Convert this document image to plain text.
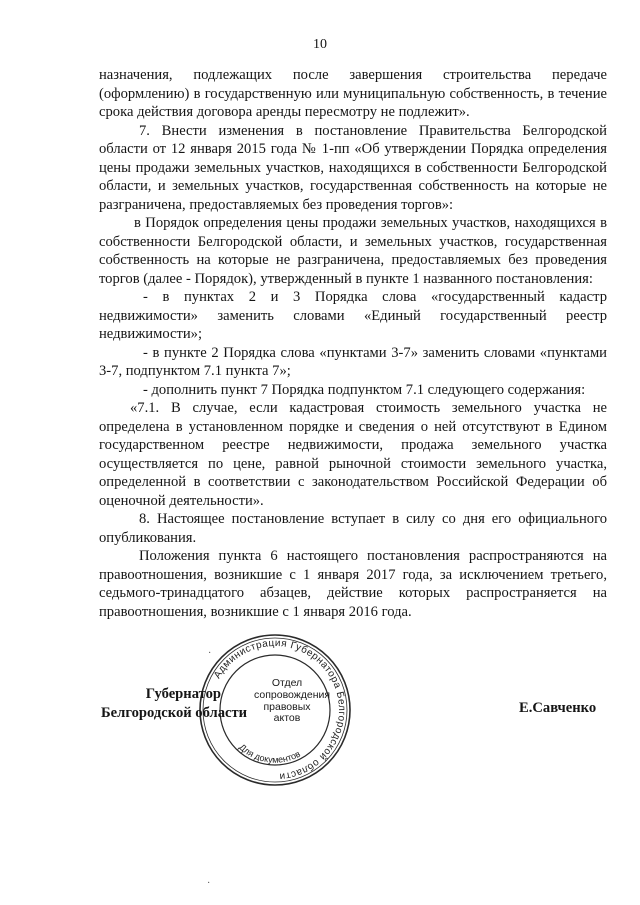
10

назначения, подлежащих после завершения строительства передаче (оформлению) в государственную или муниципальную собственность, в течение срока действия договора аренды пересмотру не подлежит».

7. Внести изменения в постановление Правительства Белгородской области от 12 января 2015 года № 1-пп «Об утверждении Порядка определения цены продажи земельных участков, находящихся в собственности Белгородской области, и земельных участков, государственная собственность на которые не разграничена, предоставляемых без проведения торгов»:

в Порядок определения цены продажи земельных участков, находящихся в собственности Белгородской области, и земельных участков, государственная собственность на которые не разграничена, предоставляемых без проведения торгов (далее - Порядок), утвержденный в пункте 1 названного постановления:

- в пунктах 2 и 3 Порядка слова «государственный кадастр недвижимости» заменить словами «Единый государственный реестр недвижимости»;

- в пункте 2 Порядка слова «пунктами 3-7» заменить словами «пунктами 3-7, подпунктом 7.1 пункта 7»;

- дополнить пункт 7 Порядка подпунктом 7.1 следующего содержания:

«7.1. В случае, если кадастровая стоимость земельного участка не определена в установленном порядке и сведения о ней отсутствуют в Едином государственном реестре недвижимости, продажа земельного участка осуществляется по цене, равной рыночной стоимости земельного участка, определенной в соответствии с законодательством Российской Федерации об оценочной деятельности».

8. Настоящее постановление вступает в силу со дня его официального опубликования.

Положения пункта 6 настоящего постановления распространяются на правоотношения, возникшие с 1 января 2017 года, за исключением третьего, седьмого-тринадцатого абзацев, действие которых распространяется на правоотношения, возникшие с 1 января 2016 года.

Администрация Губернатора Белгородской области
Для документов
Отдел
сопровождения
правовых
актов
Губернатор
Белгородской области	Е.Савченко
·
·
